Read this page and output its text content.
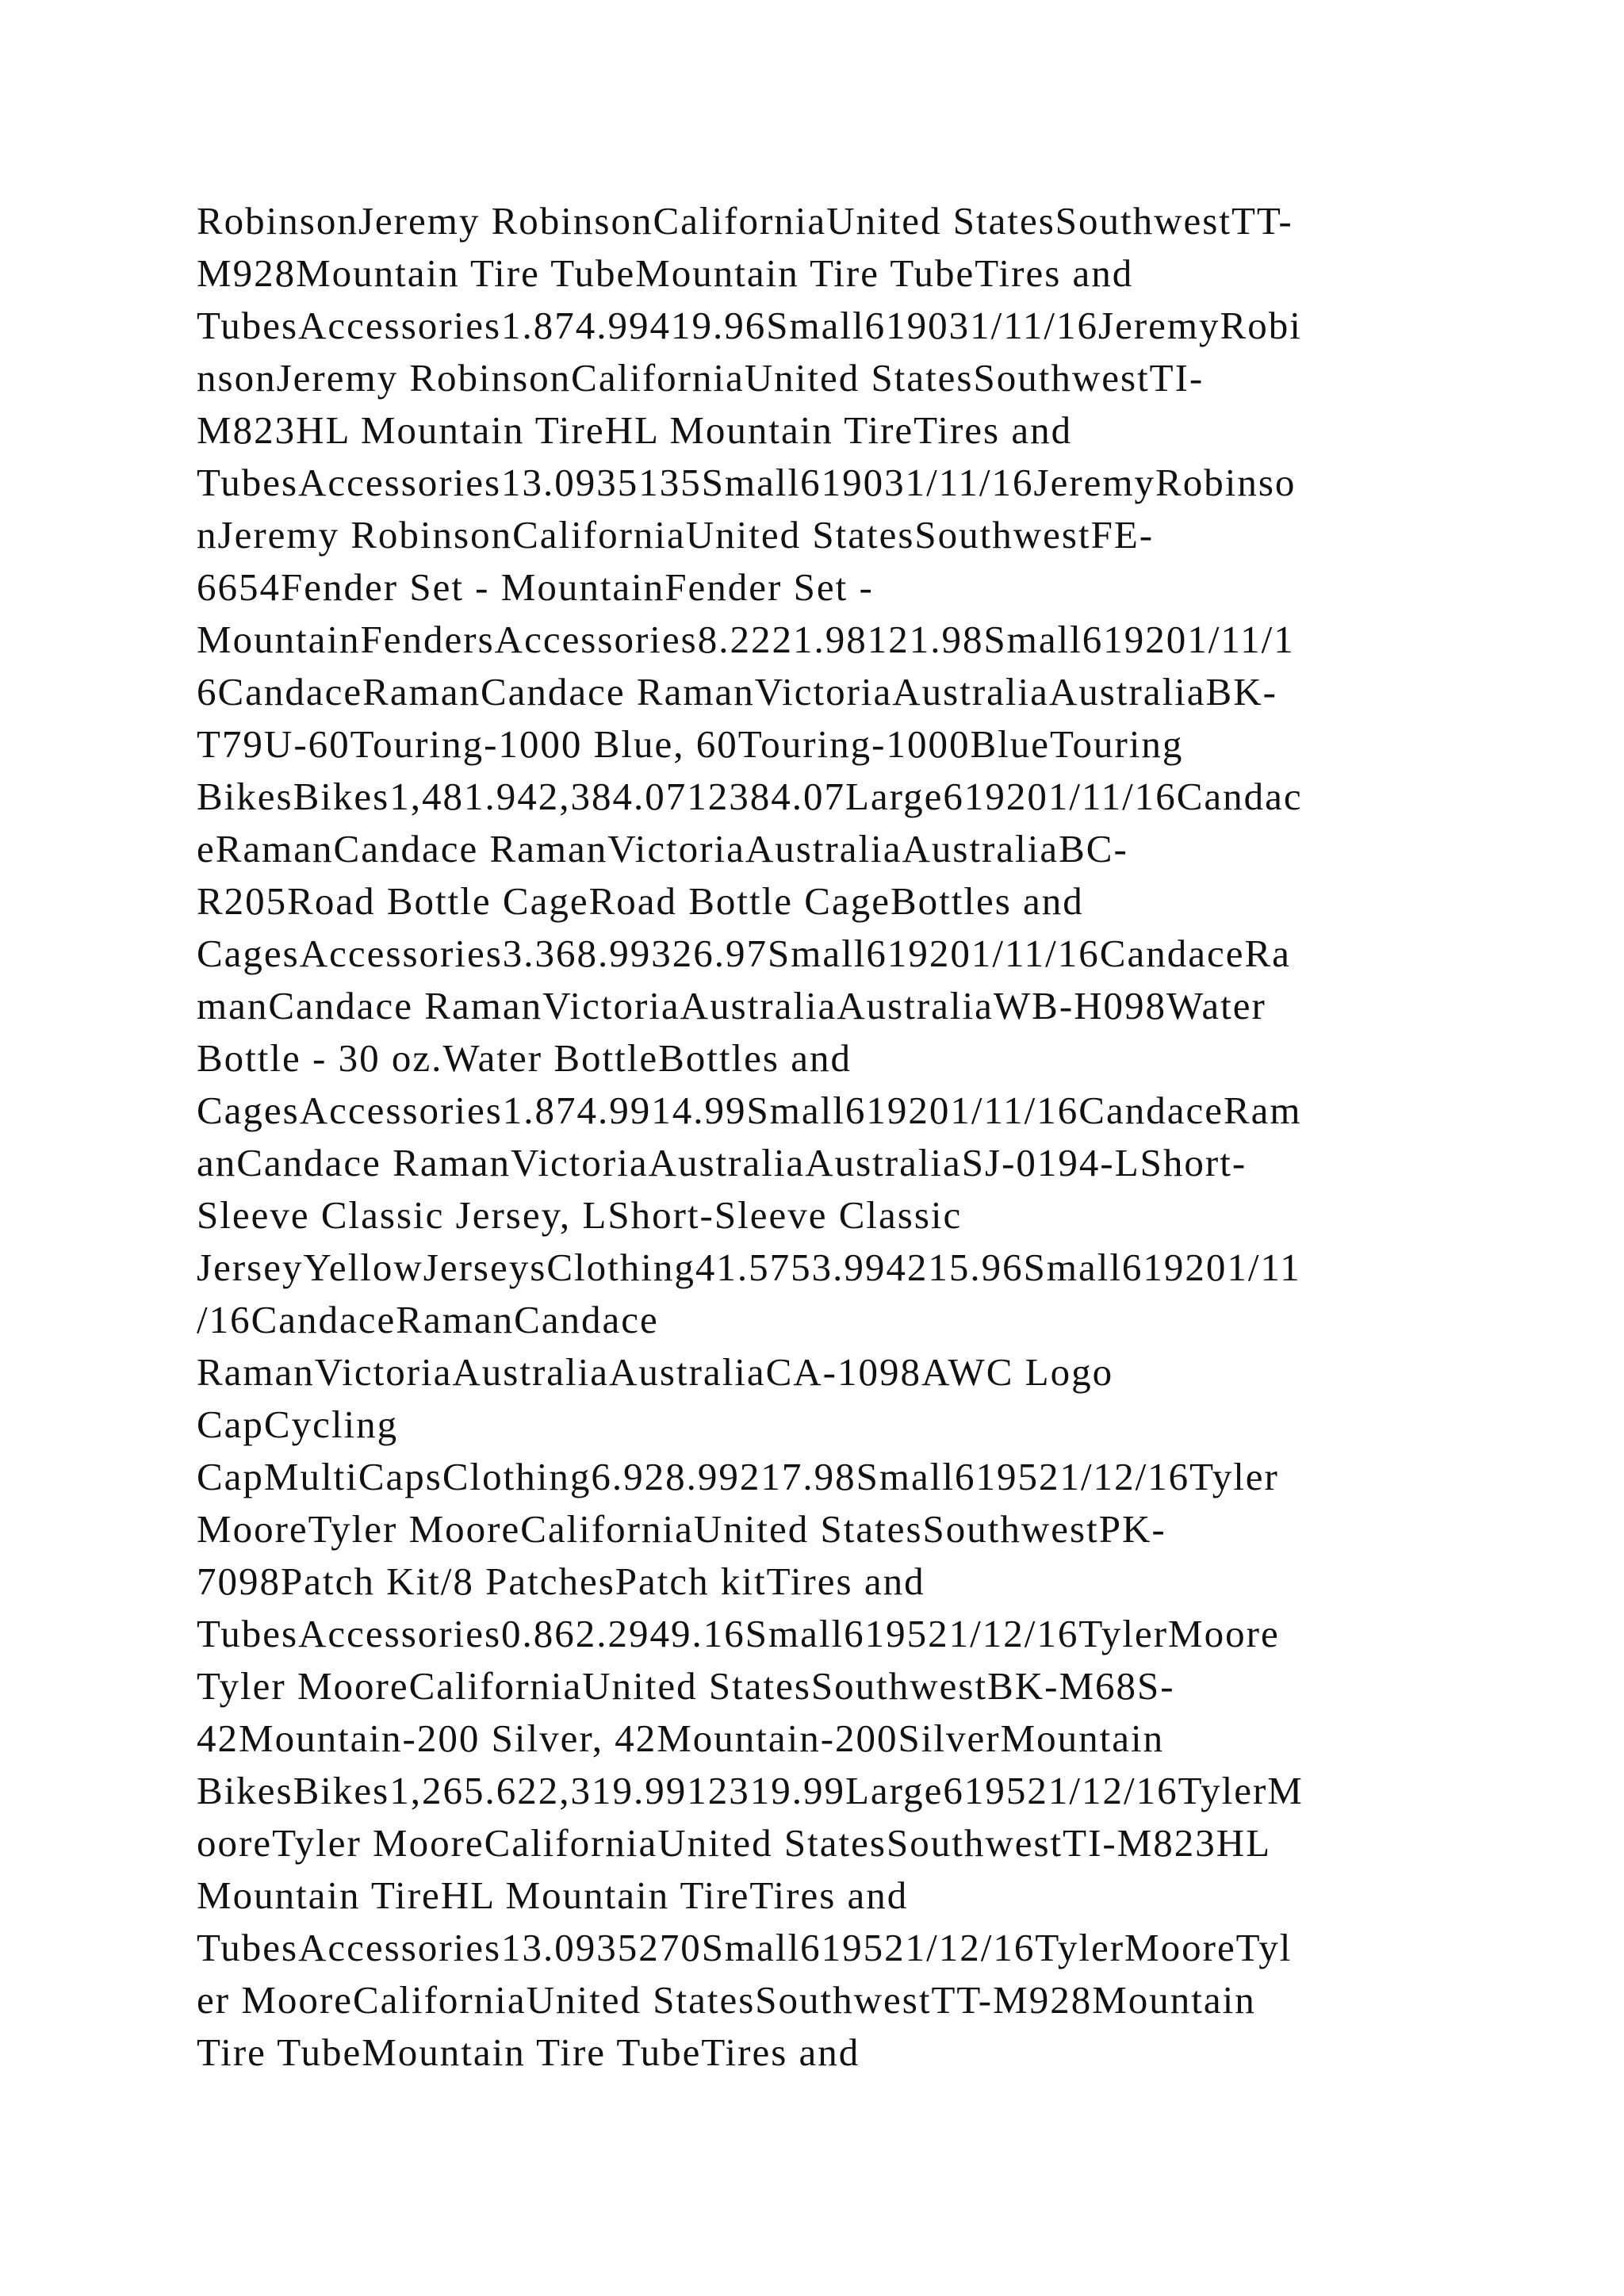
RobinsonJeremy RobinsonCaliforniaUnited StatesSouthwestTT-
M928Mountain Tire TubeMountain Tire TubeTires and
TubesAccessories1.874.99419.96Small619031/11/16JeremyRobi
nsonJeremy RobinsonCaliforniaUnited StatesSouthwestTI-
M823HL Mountain TireHL Mountain TireTires and
TubesAccessories13.0935135Small619031/11/16JeremyRobinso
nJeremy RobinsonCaliforniaUnited StatesSouthwestFE-
6654Fender Set - MountainFender Set -
MountainFendersAccessories8.2221.98121.98Small619201/11/1
6CandaceRamanCandace RamanVictoriaAustraliaAustraliaBK-
T79U-60Touring-1000 Blue, 60Touring-1000BlueTouring
BikesBikes1,481.942,384.0712384.07Large619201/11/16Candac
eRamanCandace RamanVictoriaAustraliaAustraliaBC-
R205Road Bottle CageRoad Bottle CageBottles and
CagesAccessories3.368.99326.97Small619201/11/16CandaceRa
manCandace RamanVictoriaAustraliaAustraliaWB-H098Water
Bottle - 30 oz.Water BottleBottles and
CagesAccessories1.874.9914.99Small619201/11/16CandaceRam
anCandace RamanVictoriaAustraliaAustraliaSJ-0194-LShort-
Sleeve Classic Jersey, LShort-Sleeve Classic
JerseyYellowJerseysClothing41.5753.994215.96Small619201/11
/16CandaceRamanCandace
RamanVictoriaAustraliaAustraliaCA-1098AWC Logo
CapCycling
CapMultiCapsClothing6.928.99217.98Small619521/12/16Tyler
MooreTyler MooreCaliforniaUnited StatesSouthwestPK-
7098Patch Kit/8 PatchesPatch kitTires and
TubesAccessories0.862.2949.16Small619521/12/16TylerMoore
Tyler MooreCaliforniaUnited StatesSouthwestBK-M68S-
42Mountain-200 Silver, 42Mountain-200SilverMountain
BikesBikes1,265.622,319.9912319.99Large619521/12/16TylerM
ooreTyler MooreCaliforniaUnited StatesSouthwestTI-M823HL
Mountain TireHL Mountain TireTires and
TubesAccessories13.0935270Small619521/12/16TylerMooreTyl
er MooreCaliforniaUnited StatesSouthwestTT-M928Mountain
Tire TubeMountain Tire TubeTires and
